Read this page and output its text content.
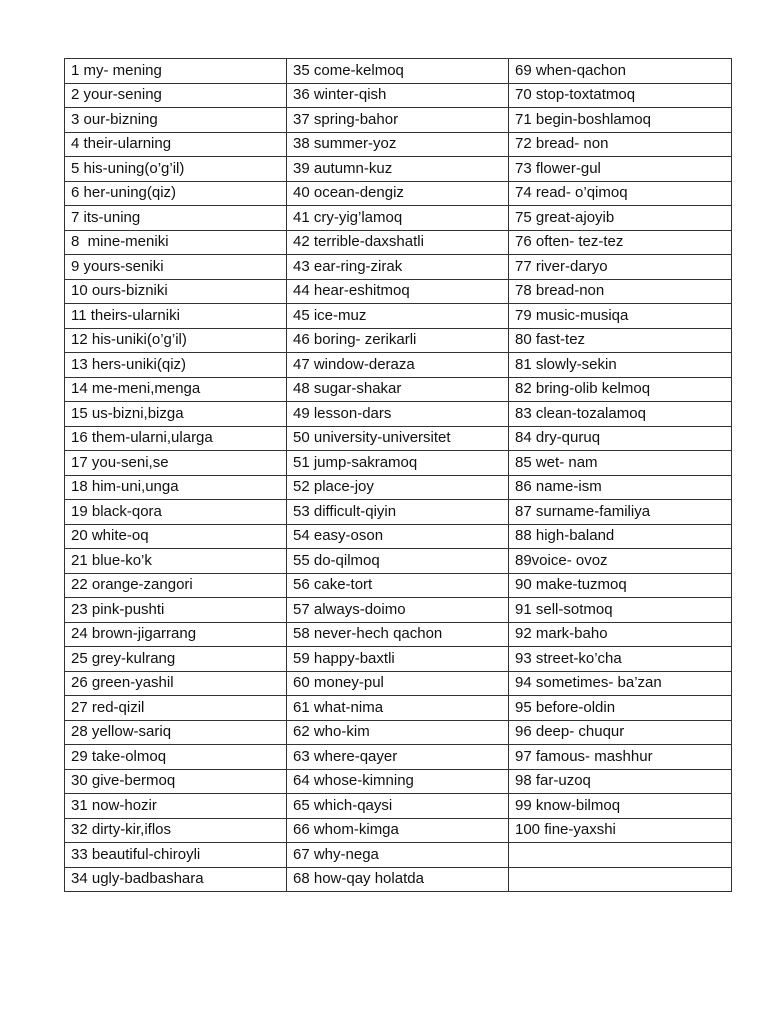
1 my- mening	35 come-kelmoq	69 when-qachon
2 your-sening	36 winter-qish	70 stop-toxtatmoq
3 our-bizning	37 spring-bahor	71 begin-boshlamoq
4 their-ularning	38 summer-yoz	72 bread- non
5 his-uning(o’g’il)	39 autumn-kuz	73 flower-gul
6 her-uning(qiz)	40 ocean-dengiz	74 read- o’qimoq
7 its-uning	41 cry-yig’lamoq	75 great-ajoyib
8  mine-meniki	42 terrible-daxshatli	76 often- tez-tez
9 yours-seniki	43 ear-ring-zirak	77 river-daryo
10 ours-bizniki	44 hear-eshitmoq	78 bread-non
11 theirs-ularniki	45 ice-muz	79 music-musiqa
12 his-uniki(o’g’il)	46 boring- zerikarli	80 fast-tez
13 hers-uniki(qiz)	47 window-deraza	81 slowly-sekin
14 me-meni,menga	48 sugar-shakar	82 bring-olib kelmoq
15 us-bizni,bizga	49 lesson-dars	83 clean-tozalamoq
16 them-ularni,ularga	50 university-universitet	84 dry-quruq
17 you-seni,se	51 jump-sakramoq	85 wet- nam
18 him-uni,unga	52 place-joy	86 name-ism
19 black-qora	53 difficult-qiyin	87 surname-familiya
20 white-oq	54 easy-oson	88 high-baland
21 blue-ko’k	55 do-qilmoq	89voice- ovoz
22 orange-zangori	56 cake-tort	90 make-tuzmoq
23 pink-pushti	57 always-doimo	91 sell-sotmoq
24 brown-jigarrang	58 never-hech qachon	92 mark-baho
25 grey-kulrang	59 happy-baxtli	93 street-ko’cha
26 green-yashil	60 money-pul	94 sometimes- ba’zan
27 red-qizil	61 what-nima	95 before-oldin
28 yellow-sariq	62 who-kim	96 deep- chuqur
29 take-olmoq	63 where-qayer	97 famous- mashhur
30 give-bermoq	64 whose-kimning	98 far-uzoq
31 now-hozir	65 which-qaysi	99 know-bilmoq
32 dirty-kir,iflos	66 whom-kimga	100 fine-yaxshi
33 beautiful-chiroyli	67 why-nega	
34 ugly-badbashara	68 how-qay holatda	
